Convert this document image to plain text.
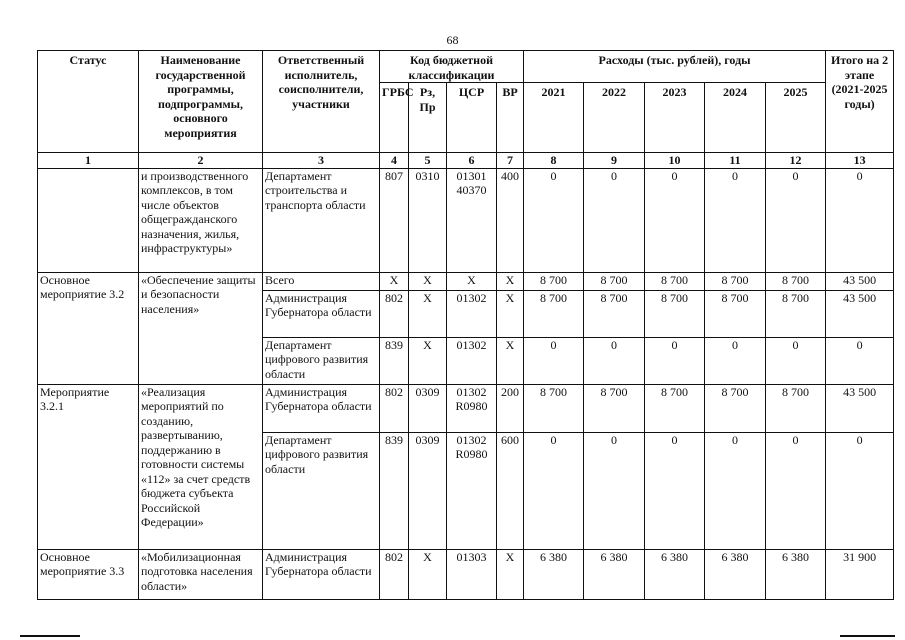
68
Статус	Наименование государственной программы, подпрограммы, основного мероприятия	Ответственный исполнитель, соисполнители, участники	Код бюджетной классификации				Расходы (тыс. рублей), годы					Итого на 2 этапе (2021-2025 годы)
			ГРБС	Рз, Пр	ЦСР	ВР	2021	2022	2023	2024	2025	
1	2	3	4	5	6	7	8	9	10	11	12	13
	и производственного комплексов, в том числе объектов общегражданского назначения, жилья, инфраструктуры»	Департамент строительства и транспорта области	807	0310	01301 40370	400	0	0	0	0	0	0
Основное мероприятие 3.2	«Обеспечение защиты и безопасности населения»	Всего	X	X	X	X	8 700	8 700	8 700	8 700	8 700	43 500
		Администрация Губернатора области	802	X	01302	X	8 700	8 700	8 700	8 700	8 700	43 500
		Департамент цифрового развития области	839	X	01302	X	0	0	0	0	0	0
Мероприятие 3.2.1	«Реализация мероприятий по созданию, развертыванию, поддержанию в готовности системы «112» за счет средств бюджета субъекта Российской Федерации»	Администрация Губернатора области	802	0309	01302 R0980	200	8 700	8 700	8 700	8 700	8 700	43 500
		Департамент цифрового развития области	839	0309	01302 R0980	600	0	0	0	0	0	0
Основное мероприятие 3.3	«Мобилизационная подготовка населения области»	Администрация Губернатора области	802	X	01303	X	6 380	6 380	6 380	6 380	6 380	31 900
